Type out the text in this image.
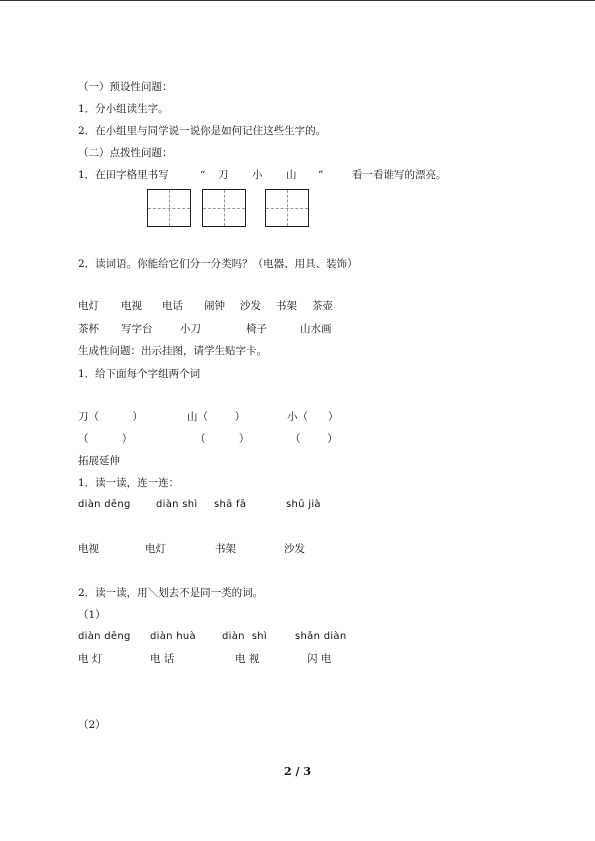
（一）预设性问题：
1．分小组读生字。
2．在小组里与同学说一说你是如何记住这些生字的。
（二）点拨性问题：
1．在田字格里书写	“ 刀 小 山 ”	看一看谁写的漂亮。
2．读词语。你能给它们分一分类吗？（电器、用具、装饰）
电灯 电视 电话 闹钟 沙发 书架 茶壶
茶杯 写字台	小刀	椅子	山水画
生成性问题：出示挂图，请学生贴字卡。
1．给下面每个字组两个词
刀（          ）	山（        ）	小（      ）
（          ）	（          ）	（        ）
拓展延伸
1．读一读，连一连：
diàn dēng	diàn shì shā fā	shū jià
电视	电灯	书架	沙发
2．读一读，用＼划去不是同一类的词。
（1）
diàn dēng diàn huà	diàn  shì	shǎn diàn
电 灯	电 话	电 视	闪 电
（2）
2 / 3
